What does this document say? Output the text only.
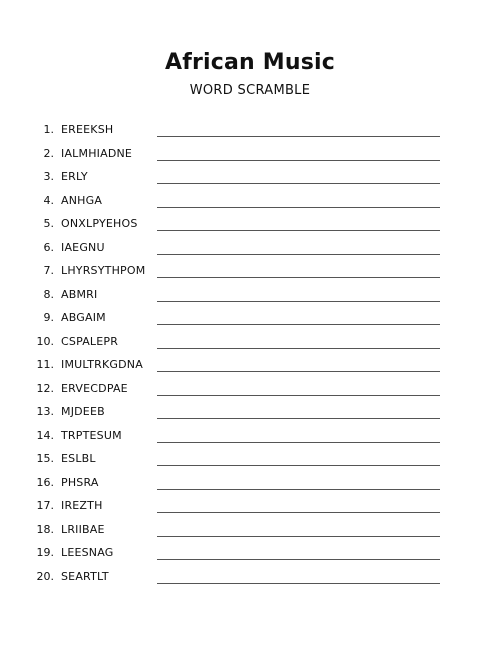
African Music
WORD SCRAMBLE
1. EREEKSH
2. IALMHIADNE
3. ERLY
4. ANHGA
5. ONXLPYEHOS
6. IAEGNU
7. LHYRSYTHPOM
8. ABMRI
9. ABGAIM
10. CSPALEPR
11. IMULTRKGDNA
12. ERVECDPAE
13. MJDEEB
14. TRPTESUM
15. ESLBL
16. PHSRA
17. IREZTH
18. LRIIBAE
19. LEESNAG
20. SEARTLT
